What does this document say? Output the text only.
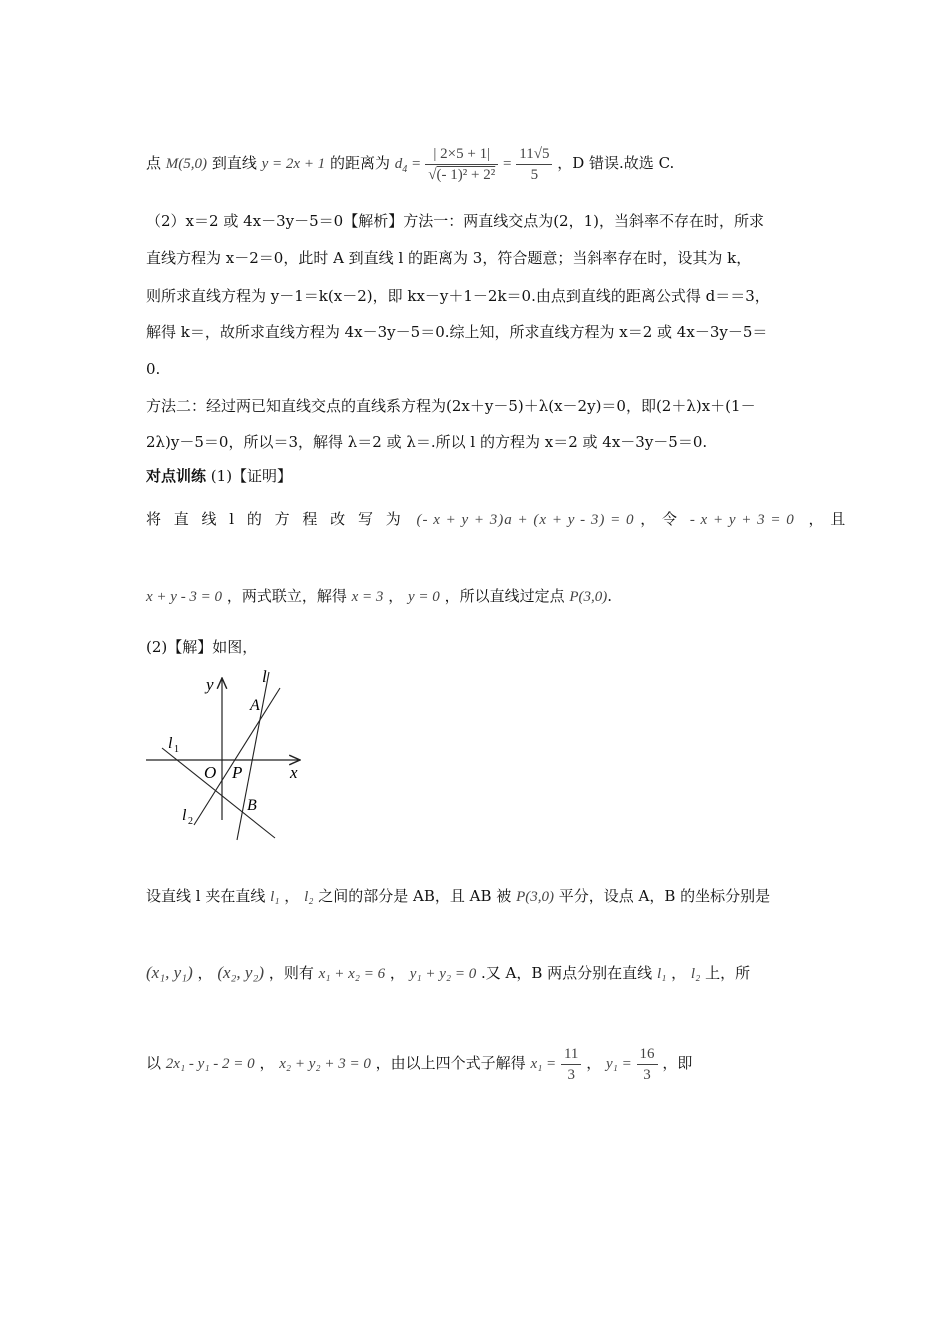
点 M(5,0) 到直线 y = 2x + 1 的距离为 $d_4 = \frac{| 2\times 5 + 1|}{\text{√(- 1)² + 2²}} = \frac{11√5}{5}$ ，D 错误.故选 C.
（2）x＝2 或 4x－3y－5＝0【解析】方法一：两直线交点为(2，1)，当斜率不存在时，所求
直线方程为 x－2＝0，此时 A 到直线 l 的距离为 3，符合题意；当斜率存在时，设其为 k，
则所求直线方程为 y－1＝k(x－2)，即 kx－y＋1－2k＝0.由点到直线的距离公式得 d＝＝3，
解得 k＝，故所求直线方程为 4x－3y－5＝0.综上知，所求直线方程为 x＝2 或 4x－3y－5＝
0.
方法二：经过两已知直线交点的直线系方程为(2x＋y－5)＋λ(x－2y)＝0，即(2＋λ)x＋(1－
2λ)y－5＝0，所以＝3，解得 λ＝2 或 λ＝.所以 l 的方程为 x＝2 或 4x－3y－5＝0.
对点训练 (1)【证明】
将 直 线 l 的 方 程 改 写 为 (- x + y + 3)a + (x + y - 3) = 0 ， 令 - x + y + 3 = 0 ， 且
x + y - 3 = 0 ，两式联立，解得 x = 3 ， y = 0 ，所以直线过定点 P(3,0).
(2)【解】如图，
y	l
A
l 1
O P	x
B
l 2
设直线 l 夹在直线 l₁ ， l₂ 之间的部分是 AB，且 AB 被 P(3,0) 平分，设点 A，B 的坐标分别是
(x₁, y₁) ， (x₂, y₂) ，则有 x₁ + x₂ = 6 ， y₁ + y₂ = 0 .又 A，B 两点分别在直线 l₁ ， l₂ 上，所
以 2x₁ - y₁ - 2 = 0 ， x₂ + y₂ + 3 = 0 ，由以上四个式子解得 $x_1 = \frac{11}{3}$ ， $y_1 = \frac{16}{3}$ ，即
